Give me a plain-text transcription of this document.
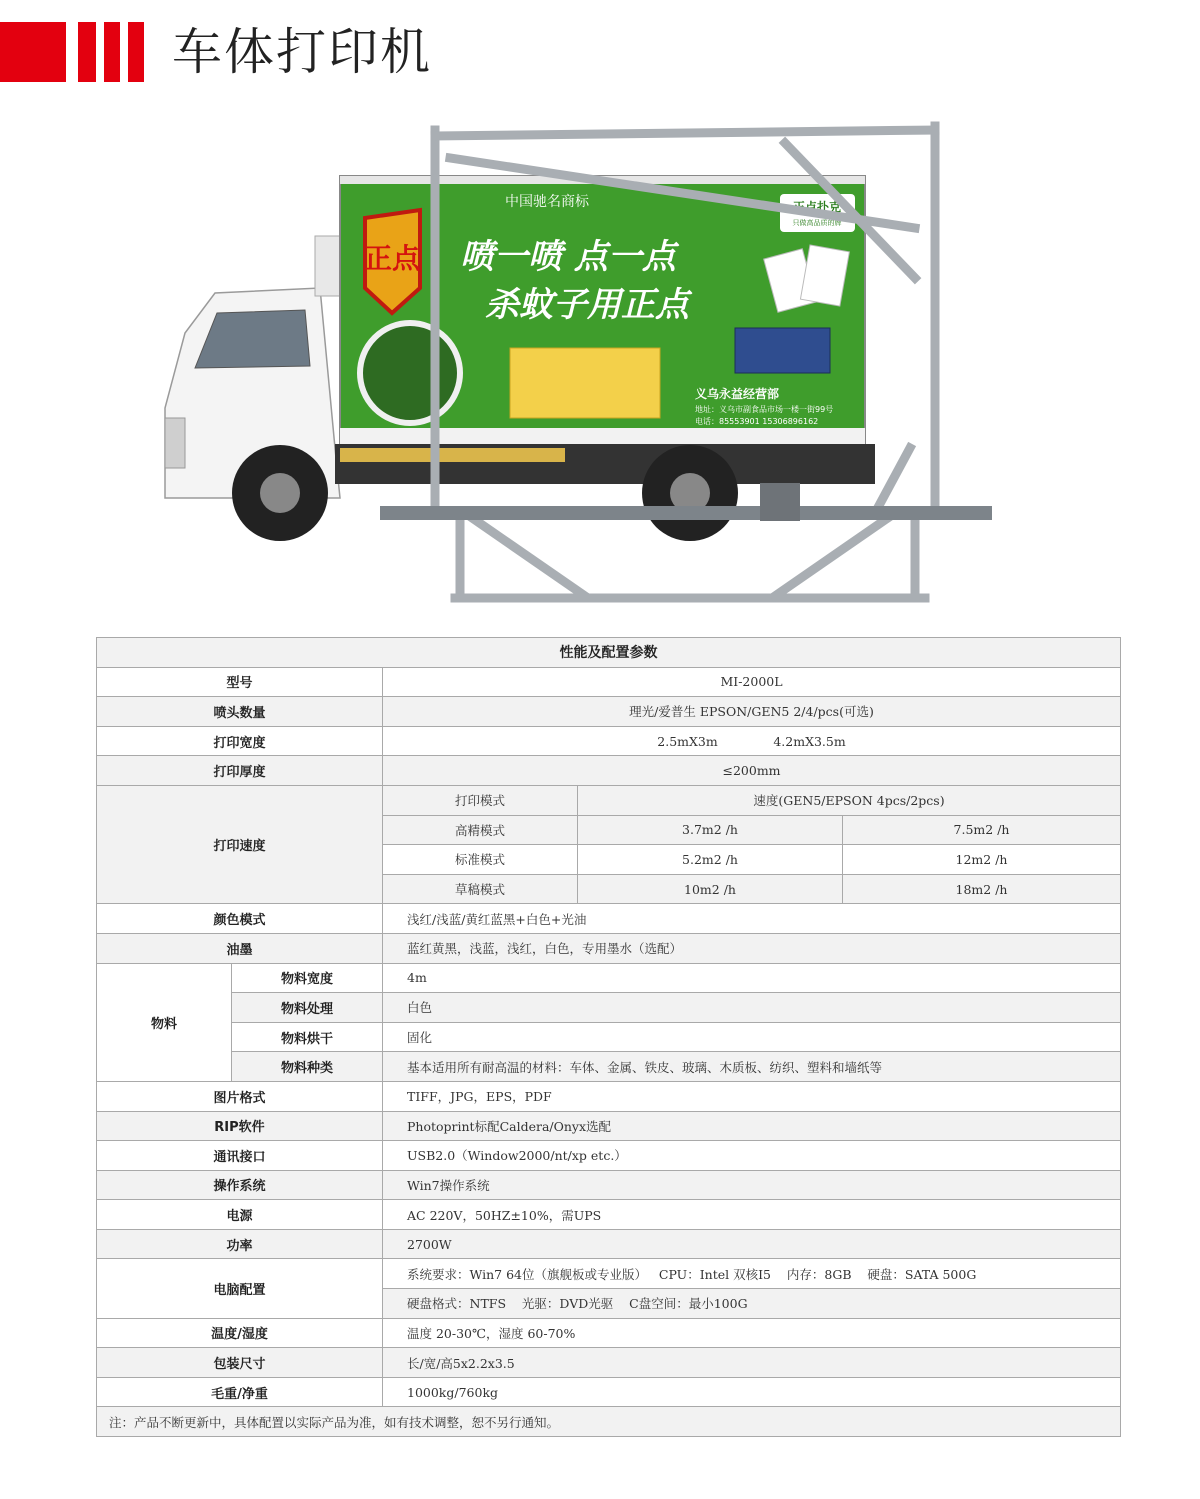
车体打印机
正点
中国驰名商标
喷一喷 点一点
杀蚊子用正点
正点扑克
只做高品质的牌
义乌永益经营部
地址：义乌市副食品市场一楼一街99号
电话：85553901 15306896162
性能及配置参数				
型号		MI-2000L		
喷头数量		理光/爱普生 EPSON/GEN5 2/4/pcs(可选)		
打印宽度		2.5mX3m              4.2mX3.5m		
打印厚度		≤200mm		
打印速度		打印模式	速度(GEN5/EPSON 4pcs/2pcs)	
		高精模式	3.7m2 /h	7.5m2 /h
		标准模式	5.2m2 /h	12m2 /h
		草稿模式	10m2 /h	18m2 /h
颜色模式		浅红/浅蓝/黄红蓝黑+白色+光油		
油墨		蓝红黄黑，浅蓝，浅红，白色，专用墨水（选配）		
物料	物料宽度	4m		
	物料处理	白色		
	物料烘干	固化		
	物料种类	基本适用所有耐高温的材料：车体、金属、铁皮、玻璃、木质板、纺织、塑料和墙纸等		
图片格式		TIFF，JPG，EPS，PDF		
RIP软件		Photoprint标配Caldera/Onyx选配		
通讯接口		USB2.0（Window2000/nt/xp etc.）		
操作系统		Win7操作系统		
电源		AC 220V，50HZ±10%，需UPS		
功率		2700W		
电脑配置		系统要求：Win7 64位（旗舰板或专业版）   CPU：Intel 双核I5    内存：8GB    硬盘：SATA 500G		
		硬盘格式：NTFS    光驱：DVD光驱    C盘空间：最小100G		
温度/湿度		温度 20-30℃，湿度 60-70%		
包装尺寸		长/宽/高5x2.2x3.5		
毛重/净重		1000kg/760kg		
注：产品不断更新中，具体配置以实际产品为准，如有技术调整，恕不另行通知。				
